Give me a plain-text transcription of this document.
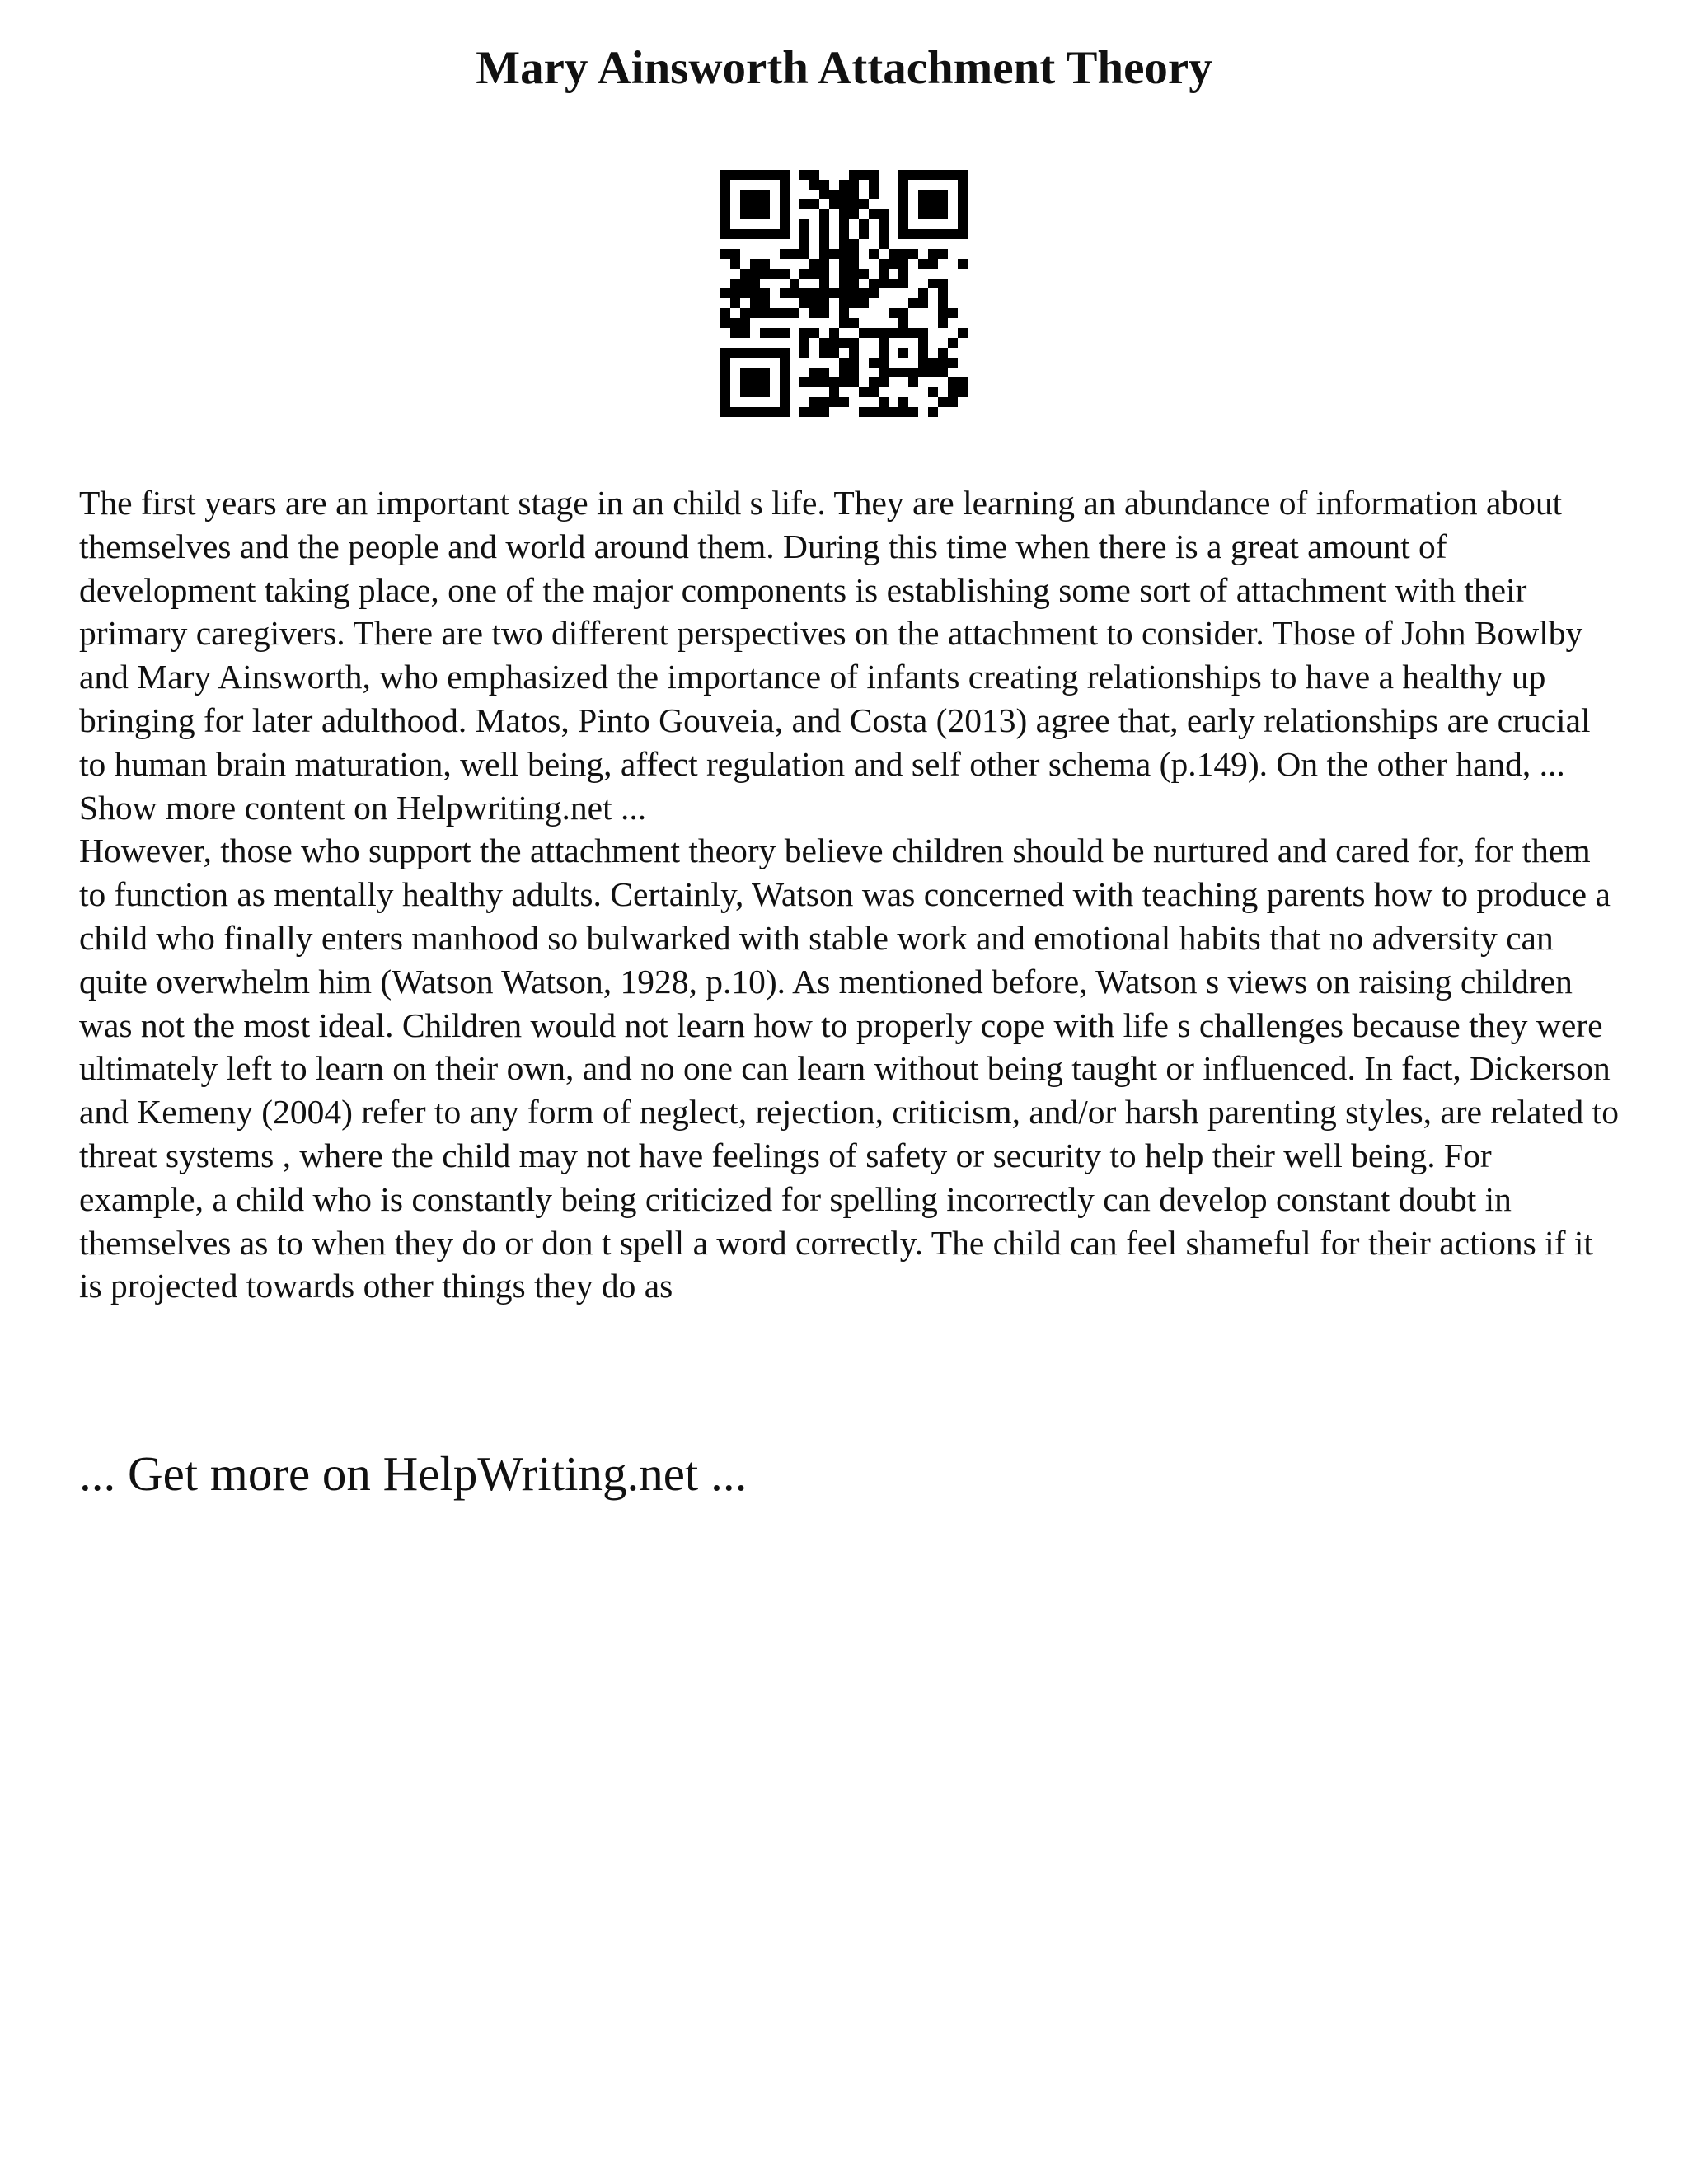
Mary Ainsworth Attachment Theory

The first years are an important stage in an child s life. They are learning an abundance of information about themselves and the people and world around them. During this time when there is a great amount of development taking place, one of the major components is establishing some sort of attachment with their primary caregivers. There are two different perspectives on the attachment to consider. Those of John Bowlby and Mary Ainsworth, who emphasized the importance of infants creating relationships to have a healthy up bringing for later adulthood. Matos, Pinto Gouveia, and Costa (2013) agree that, early relationships are crucial to human brain maturation, well being, affect regulation and self other schema (p.149). On the other hand, ... Show more content on Helpwriting.net ...

However, those who support the attachment theory believe children should be nurtured and cared for, for them to function as mentally healthy adults. Certainly, Watson was concerned with teaching parents how to produce a child who finally enters manhood so bulwarked with stable work and emotional habits that no adversity can quite overwhelm him (Watson Watson, 1928, p.10). As mentioned before, Watson s views on raising children was not the most ideal. Children would not learn how to properly cope with life s challenges because they were ultimately left to learn on their own, and no one can learn without being taught or influenced. In fact, Dickerson and Kemeny (2004) refer to any form of neglect, rejection, criticism, and/or harsh parenting styles, are related to threat systems , where the child may not have feelings of safety or security to help their well being. For example, a child who is constantly being criticized for spelling incorrectly can develop constant doubt in themselves as to when they do or don t spell a word correctly. The child can feel shameful for their actions if it is projected towards other things they do as

... Get more on HelpWriting.net ...
